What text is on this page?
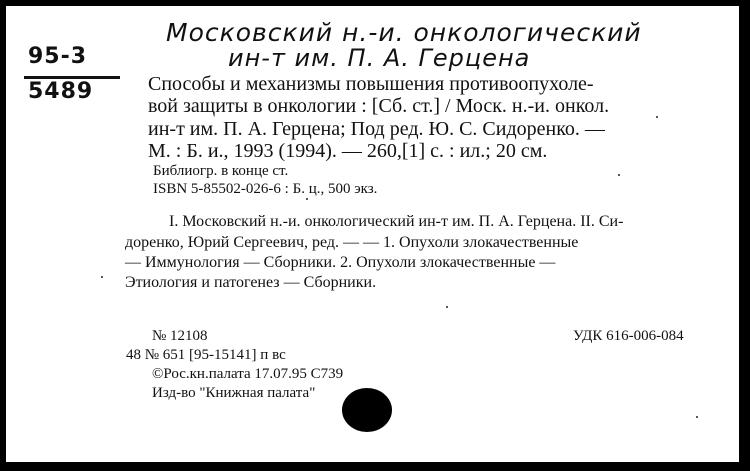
Московский н.-и. онкологический
ин-т им. П. А. Герцена
95-3
5489	Способы и механизмы повышения противоопухоле-
вой защиты в онкологии : [Сб. ст.] / Моск. н.-и. онкол.
ин-т им. П. А. Герцена; Под ред. Ю. С. Сидоренко. —
М. : Б. и., 1993 (1994). — 260,[1] с. : ил.; 20 см.
Библиогр. в конце ст.
ISBN 5-85502-026-6 : Б. ц., 500 экз.
I. Московский н.-и. онкологический ин-т им. П. А. Герцена. II. Си-
доренко, Юрий Сергеевич, ред. — — 1. Опухоли злокачественные
— Иммунология — Сборники. 2. Опухоли злокачественные —
Этиология и патогенез — Сборники.
№ 12108
48 № 651 [95-15141] п вс
©Рос.кн.палата 17.07.95 С739
Изд-во "Книжная палата"
УДК 616-006-084
